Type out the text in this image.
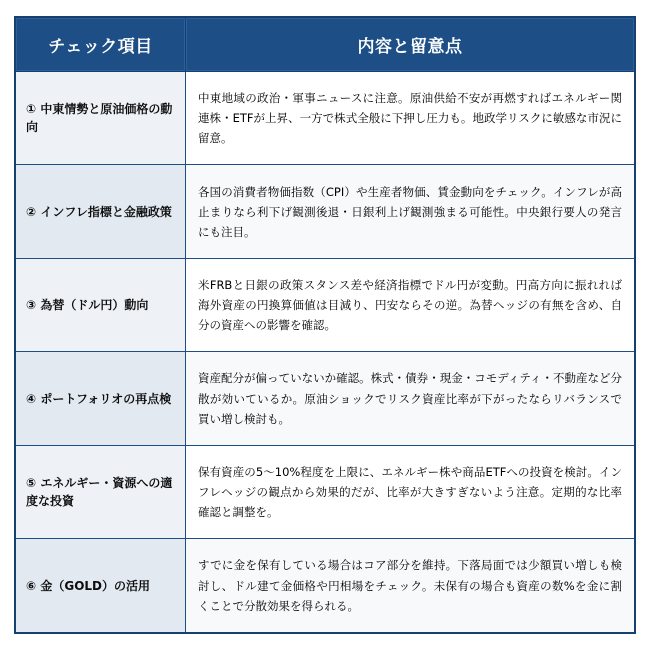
チェック項目	内容と留意点
① 中東情勢と原油価格の動向	中東地域の政治・軍事ニュースに注意。原油供給不安が再燃すればエネルギー関連株・ETFが上昇、一方で株式全般に下押し圧力も。地政学リスクに敏感な市況に留意。

② インフレ指標と金融政策	各国の消費者物価指数（CPI）や生産者物価、賃金動向をチェック。インフレが高止まりなら利下げ観測後退・日銀利上げ観測強まる可能性。中央銀行要人の発言にも注目。

③ 為替（ドル円）動向	米FRBと日銀の政策スタンス差や経済指標でドル円が変動。円高方向に振れれば海外資産の円換算価値は目減り、円安ならその逆。為替ヘッジの有無を含め、自分の資産への影響を確認。

④ ポートフォリオの再点検	資産配分が偏っていないか確認。株式・債券・現金・コモディティ・不動産など分散が効いているか。原油ショックでリスク資産比率が下がったならリバランスで買い増し検討も。

⑤ エネルギー・資源への適度な投資	保有資産の5〜10%程度を上限に、エネルギー株や商品ETFへの投資を検討。インフレヘッジの観点から効果的だが、比率が大きすぎないよう注意。定期的な比率確認と調整を。

⑥ 金（GOLD）の活用	すでに金を保有している場合はコア部分を維持。下落局面では少額買い増しも検討し、ドル建て金価格や円相場をチェック。未保有の場合も資産の数%を金に割くことで分散効果を得られる。
